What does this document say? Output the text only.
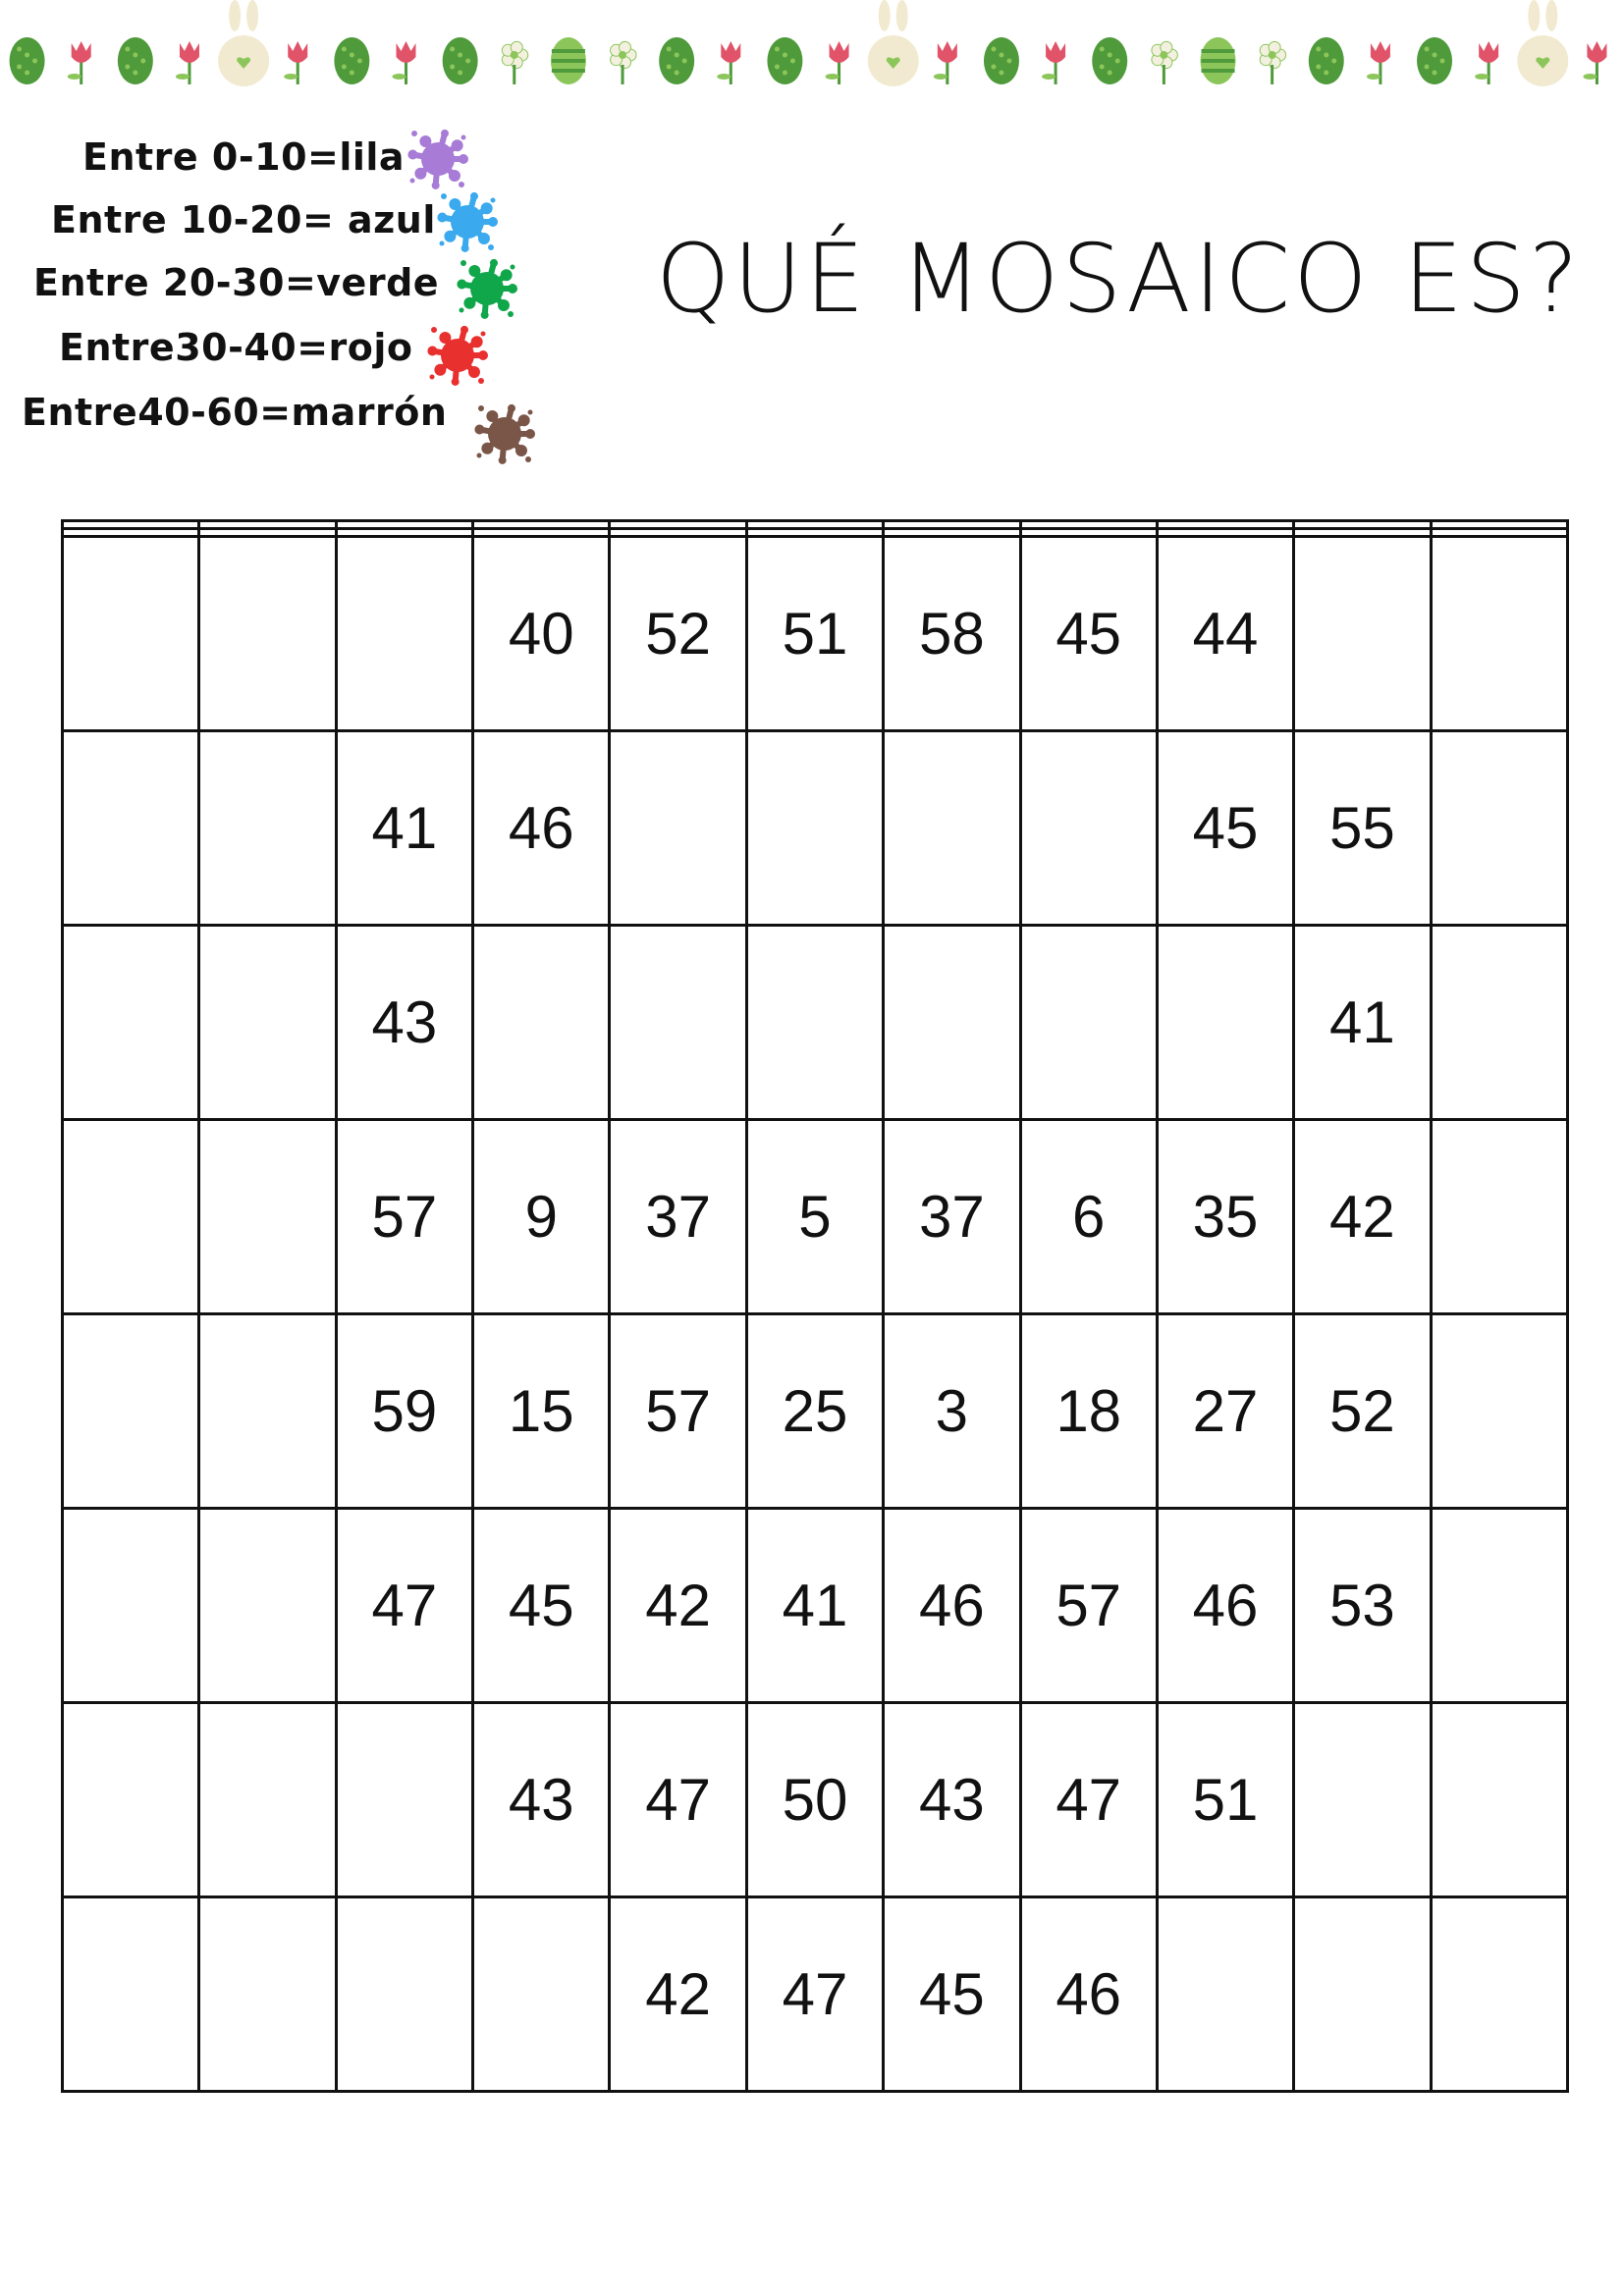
Entre 0-10=lila
Entre 10-20= azul
Entre 20-30=verde
Entre30-40=rojo
Entre40-60=marrón
QUÉ MOSAICO ES?

			40	52	51	58	45	44		
		41	46					45	55	
		43							41	
		57	9	37	5	37	6	35	42	
		59	15	57	25	3	18	27	52	
		47	45	42	41	46	57	46	53	
			43	47	50	43	47	51		
				42	47	45	46			
